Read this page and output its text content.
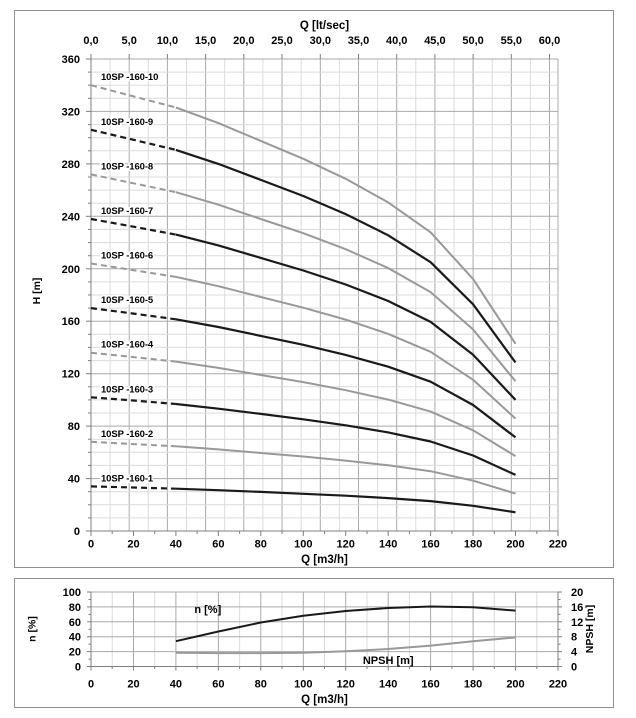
0,0 5,0 10,0 15,0 20,0 25,0 30,0 35,0 40,0 45,0 50,0 55,0 60,0
Q [lt/sec]
0	20	40	60	80 100 120 140 160 180 200 220
Q [m3/h]
0
40
80
120
160
200
240
280
320
360
H [m]
10SP -160-10
10SP -160-9
10SP -160-8
10SP -160-7
10SP -160-6
10SP -160-5
10SP -160-4
10SP -160-3
10SP -160-2
10SP -160-1
0	0
20	4
40	8
60	12
80	16
100	20
n [%]	NPSH [m]
0	20	40	60	80 100 120 140 160 180 200 220
Q [m3/h]
n [%]
NPSH [m]
